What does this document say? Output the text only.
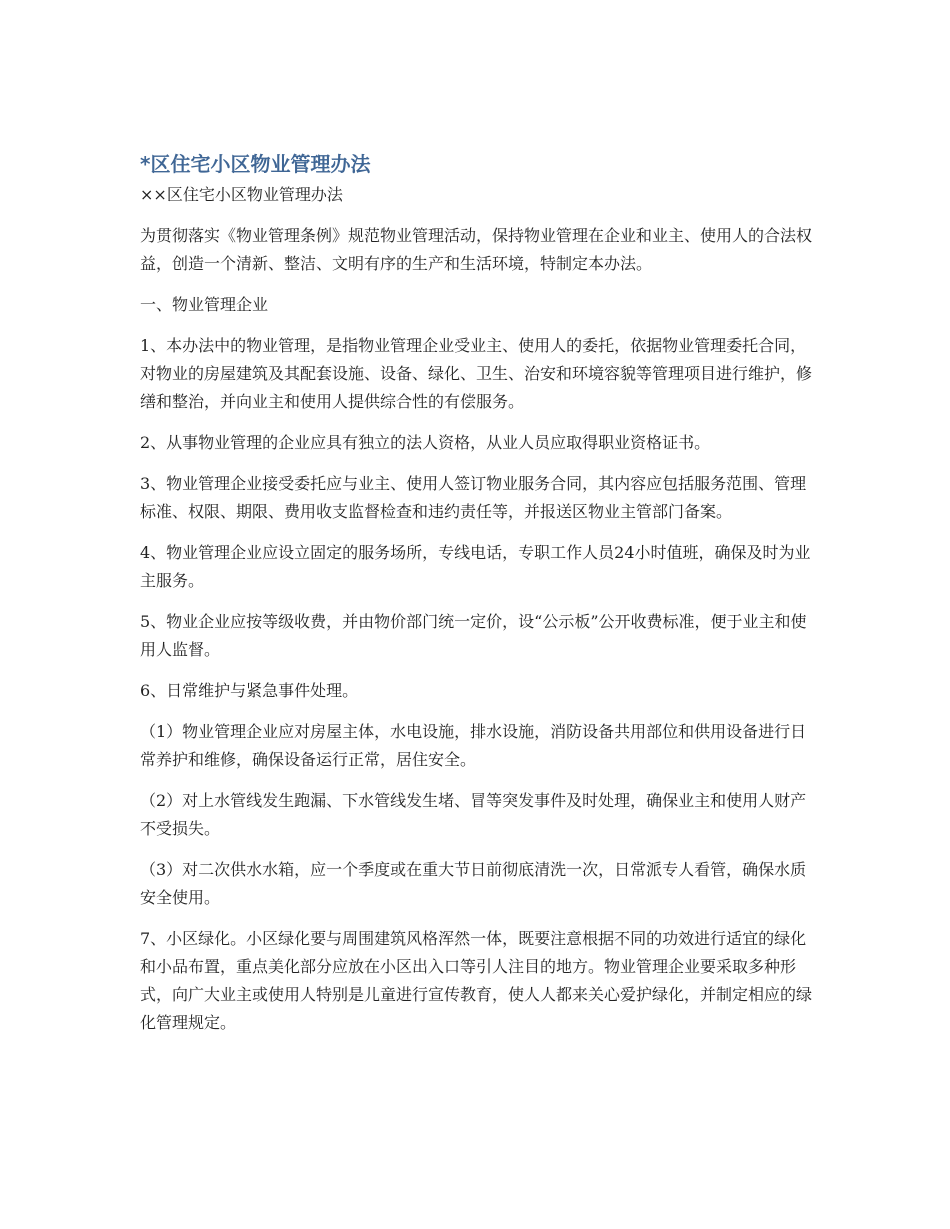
*区住宅小区物业管理办法
××区住宅小区物业管理办法
为贯彻落实《物业管理条例》规范物业管理活动，保持物业管理在企业和业主、使用人的合法权益，创造一个清新、整洁、文明有序的生产和生活环境，特制定本办法。
一、物业管理企业
1、本办法中的物业管理，是指物业管理企业受业主、使用人的委托，依据物业管理委托合同，对物业的房屋建筑及其配套设施、设备、绿化、卫生、治安和环境容貌等管理项目进行维护，修缮和整治，并向业主和使用人提供综合性的有偿服务。
2、从事物业管理的企业应具有独立的法人资格，从业人员应取得职业资格证书。
3、物业管理企业接受委托应与业主、使用人签订物业服务合同，其内容应包括服务范围、管理标准、权限、期限、费用收支监督检查和违约责任等，并报送区物业主管部门备案。
4、物业管理企业应设立固定的服务场所，专线电话，专职工作人员24小时值班，确保及时为业主服务。
5、物业企业应按等级收费，并由物价部门统一定价，设“公示板”公开收费标准，便于业主和使用人监督。
6、日常维护与紧急事件处理。
（1）物业管理企业应对房屋主体，水电设施，排水设施，消防设备共用部位和供用设备进行日常养护和维修，确保设备运行正常，居住安全。
（2）对上水管线发生跑漏、下水管线发生堵、冒等突发事件及时处理，确保业主和使用人财产不受损失。
（3）对二次供水水箱，应一个季度或在重大节日前彻底清洗一次，日常派专人看管，确保水质安全使用。
7、小区绿化。小区绿化要与周围建筑风格浑然一体，既要注意根据不同的功效进行适宜的绿化和小品布置，重点美化部分应放在小区出入口等引人注目的地方。物业管理企业要采取多种形式，向广大业主或使用人特别是儿童进行宣传教育，使人人都来关心爱护绿化，并制定相应的绿化管理规定。
